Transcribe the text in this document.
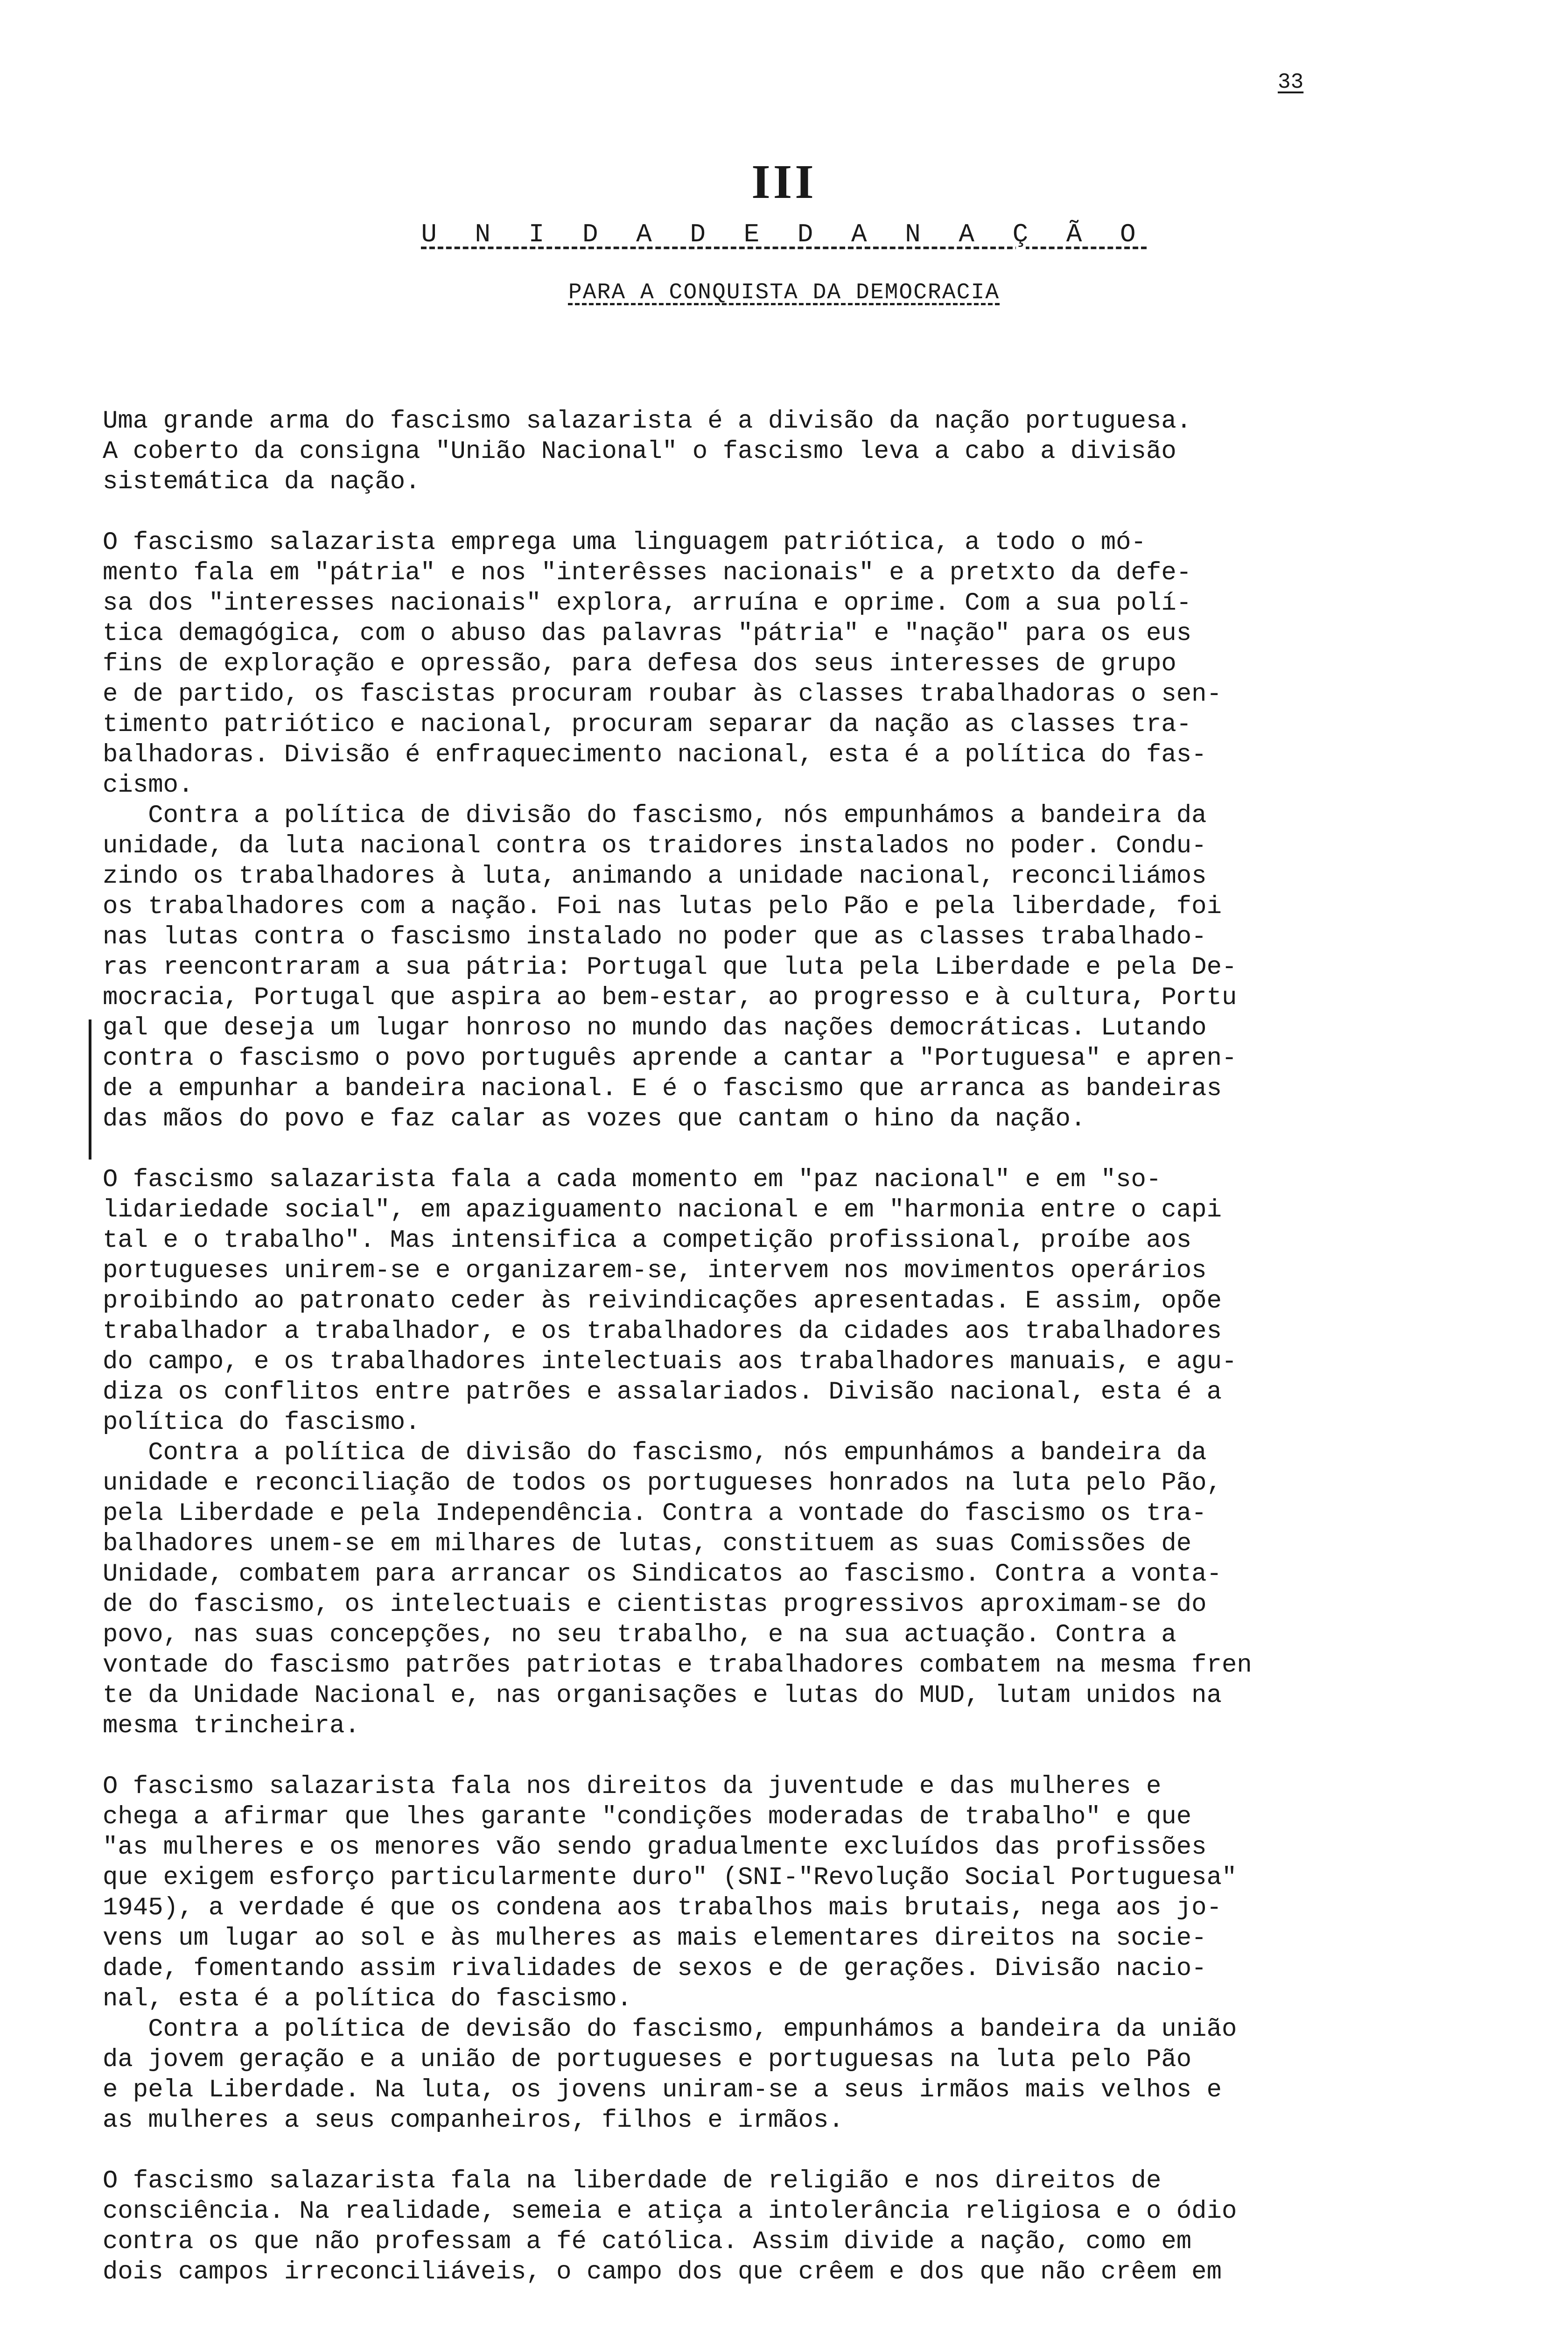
33
III
U N I D A D E D A N A Ç Ã O
PARA A CONQUISTA DA DEMOCRACIA
Uma grande arma do fascismo salazarista é a divisão da nação portuguesa.
A coberto da consigna "União Nacional" o fascismo leva a cabo a divisão
sistemática da nação.
O fascismo salazarista emprega uma linguagem patriótica, a todo o mó-
mento fala em "pátria" e nos "interêsses nacionais" e a pretxto da defe-
sa dos "interesses nacionais" explora, arruína e oprime. Com a sua polí-
tica demagógica, com o abuso das palavras "pátria" e "nação" para os eus
fins de exploração e opressão, para defesa dos seus interesses de grupo
e de partido, os fascistas procuram roubar às classes trabalhadoras o sen-
timento patriótico e nacional, procuram separar da nação as classes tra-
balhadoras. Divisão é enfraquecimento nacional, esta é a política do fas-
cismo.
Contra a política de divisão do fascismo, nós empunhámos a bandeira da
unidade, da luta nacional contra os traidores instalados no poder. Condu-
zindo os trabalhadores à luta, animando a unidade nacional, reconciliámos
os trabalhadores com a nação. Foi nas lutas pelo Pão e pela liberdade, foi
nas lutas contra o fascismo instalado no poder que as classes trabalhado-
ras reencontraram a sua pátria: Portugal que luta pela Liberdade e pela De-
mocracia, Portugal que aspira ao bem-estar, ao progresso e à cultura, Portu
gal que deseja um lugar honroso no mundo das nações democráticas. Lutando
contra o fascismo o povo português aprende a cantar a "Portuguesa" e apren-
de a empunhar a bandeira nacional. E é o fascismo que arranca as bandeiras
das mãos do povo e faz calar as vozes que cantam o hino da nação.
O fascismo salazarista fala a cada momento em "paz nacional" e em "so-
lidariedade social", em apaziguamento nacional e em "harmonia entre o capi
tal e o trabalho". Mas intensifica a competição profissional, proíbe aos
portugueses unirem-se e organizarem-se, intervem nos movimentos operários
proibindo ao patronato ceder às reivindicações apresentadas. E assim, opõe
trabalhador a trabalhador, e os trabalhadores da cidades aos trabalhadores
do campo, e os trabalhadores intelectuais aos trabalhadores manuais, e agu-
diza os conflitos entre patrões e assalariados. Divisão nacional, esta é a
política do fascismo.
Contra a política de divisão do fascismo, nós empunhámos a bandeira da
unidade e reconciliação de todos os portugueses honrados na luta pelo Pão,
pela Liberdade e pela Independência. Contra a vontade do fascismo os tra-
balhadores unem-se em milhares de lutas, constituem as suas Comissões de
Unidade, combatem para arrancar os Sindicatos ao fascismo. Contra a vonta-
de do fascismo, os intelectuais e cientistas progressivos aproximam-se do
povo, nas suas concepções, no seu trabalho, e na sua actuação. Contra a
vontade do fascismo patrões patriotas e trabalhadores combatem na mesma fren
te da Unidade Nacional e, nas organisações e lutas do MUD, lutam unidos na
mesma trincheira.
O fascismo salazarista fala nos direitos da juventude e das mulheres e
chega a afirmar que lhes garante "condições moderadas de trabalho" e que
"as mulheres e os menores vão sendo gradualmente excluídos das profissões
que exigem esforço particularmente duro" (SNI-"Revolução Social Portuguesa"
1945), a verdade é que os condena aos trabalhos mais brutais, nega aos jo-
vens um lugar ao sol e às mulheres as mais elementares direitos na socie-
dade, fomentando assim rivalidades de sexos e de gerações. Divisão nacio-
nal, esta é a política do fascismo.
Contra a política de devisão do fascismo, empunhámos a bandeira da união
da jovem geração e a união de portugueses e portuguesas na luta pelo Pão
e pela Liberdade. Na luta, os jovens uniram-se a seus irmãos mais velhos e
as mulheres a seus companheiros, filhos e irmãos.
O fascismo salazarista fala na liberdade de religião e nos direitos de
consciência. Na realidade, semeia e atiça a intolerância religiosa e o ódio
contra os que não professam a fé católica. Assim divide a nação, como em
dois campos irreconciliáveis, o campo dos que crêem e dos que não crêem em
